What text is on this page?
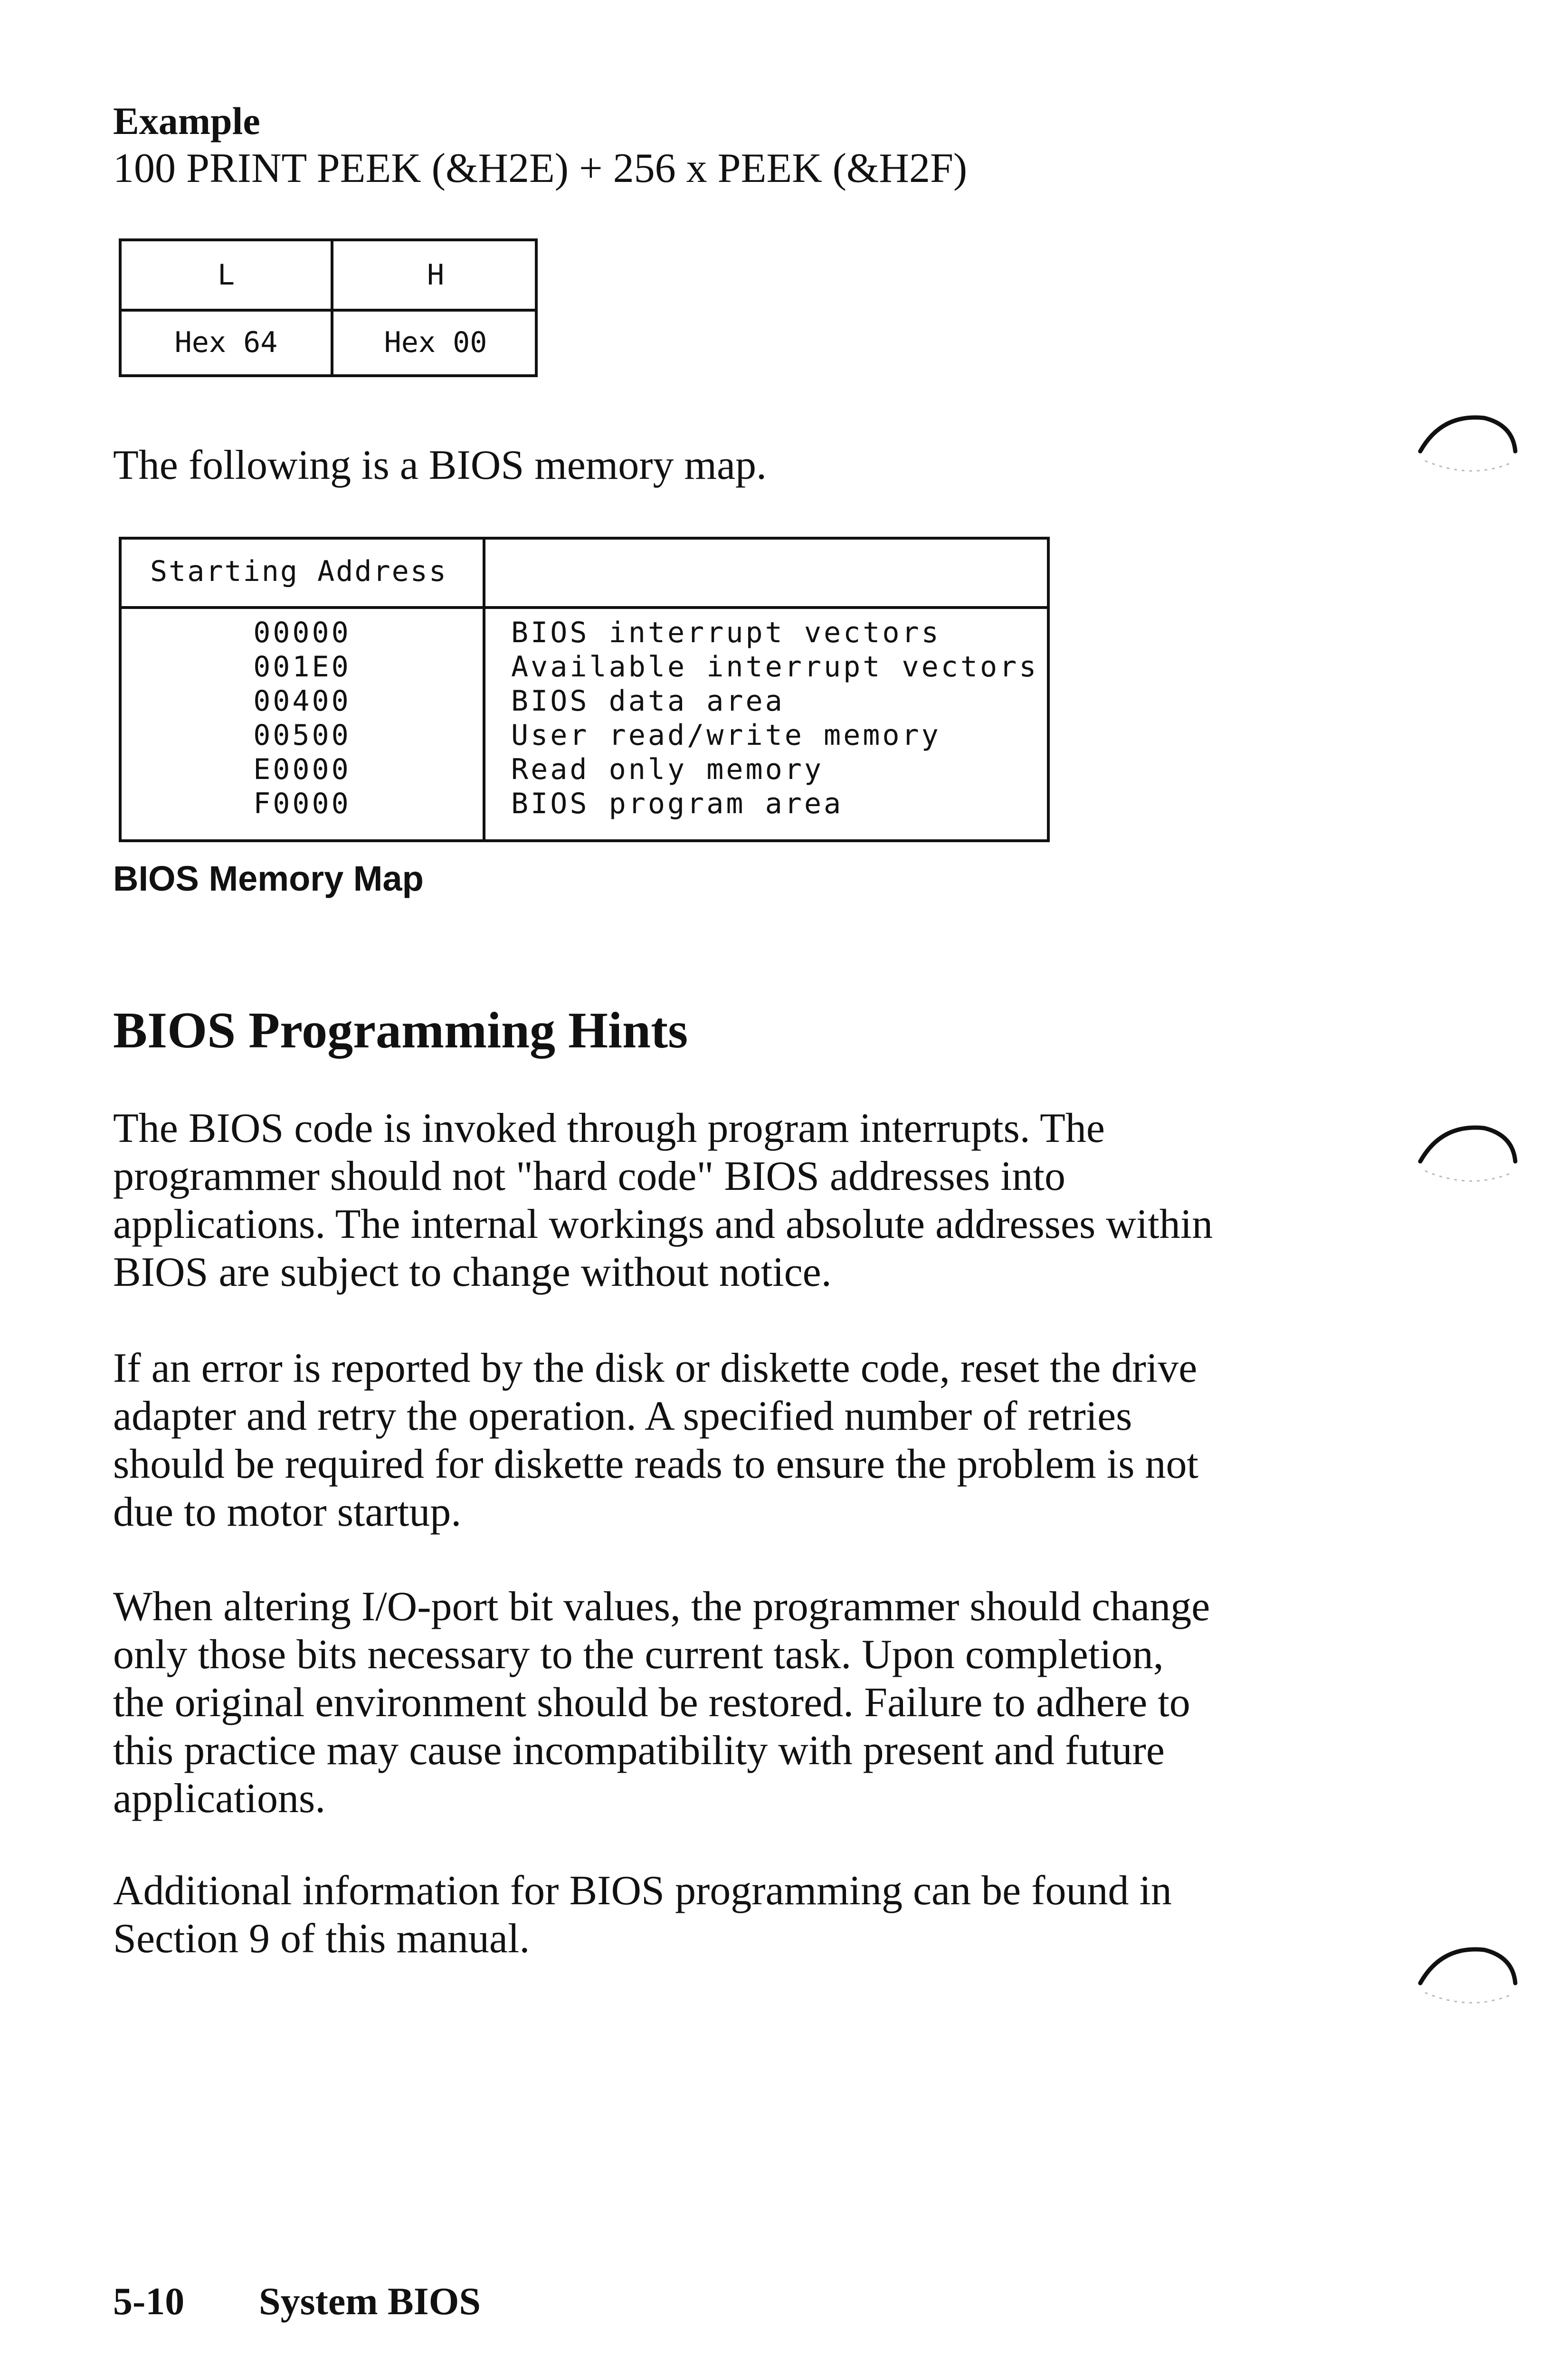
Example
100 PRINT PEEK (&H2E) + 256 x PEEK (&H2F)
L	H
Hex 64	Hex 00
The following is a BIOS memory map.
Starting Address
00000
001E0
00400
00500
E0000
F0000
BIOS interrupt vectors
Available interrupt vectors
BIOS data area
User read/write memory
Read only memory
BIOS program area
BIOS Memory Map
BIOS Programming Hints
The BIOS code is invoked through program interrupts. The
programmer should not "hard code" BIOS addresses into
applications. The internal workings and absolute addresses within
BIOS are subject to change without notice.
If an error is reported by the disk or diskette code, reset the drive
adapter and retry the operation. A specified number of retries
should be required for diskette reads to ensure the problem is not
due to motor startup.
When altering I/O-port bit values, the programmer should change
only those bits necessary to the current task. Upon completion,
the original environment should be restored. Failure to adhere to
this practice may cause incompatibility with present and future
applications.
Additional information for BIOS programming can be found in
Section 9 of this manual.
5-10 System BIOS
